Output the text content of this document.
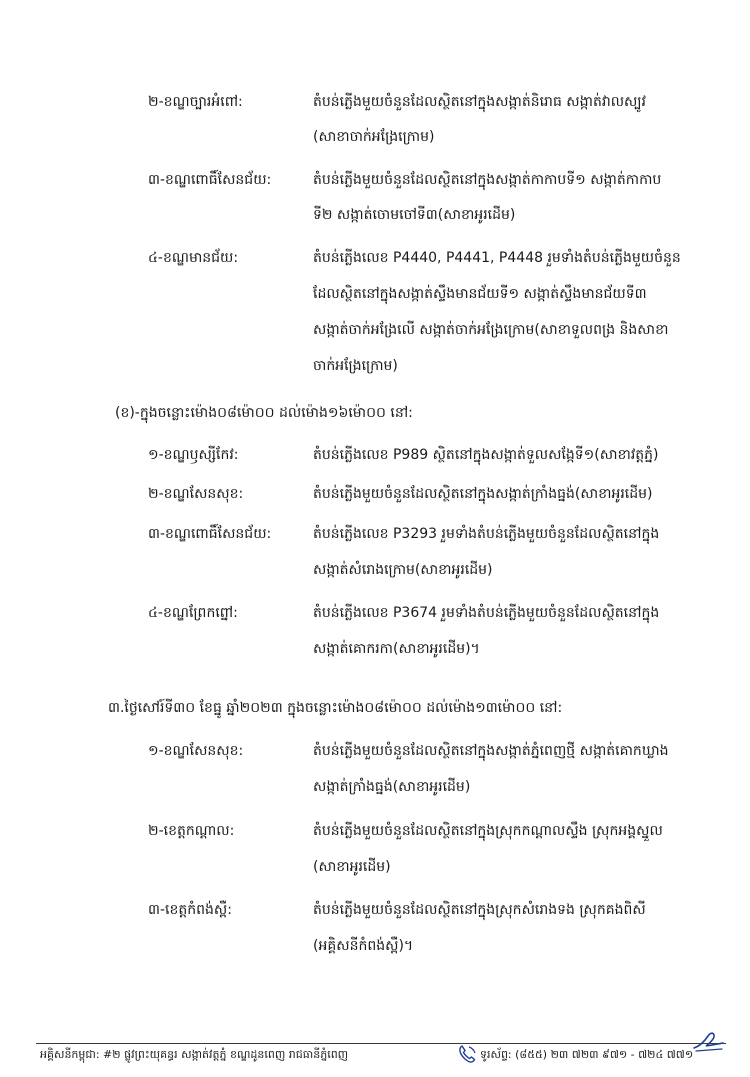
២-ខណ្ឌច្បារអំពៅ:	តំបន់ភ្លើងមួយចំនួនដែលស្ថិតនៅក្នុងសង្កាត់និរោធ សង្កាត់វាលស្បូវ
(សាខាចាក់អង្រែក្រោម)
៣-ខណ្ឌពោធិ៍សែនជ័យ:	តំបន់ភ្លើងមួយចំនួនដែលស្ថិតនៅក្នុងសង្កាត់កាកាបទី១ សង្កាត់កាកាប
ទី២ សង្កាត់ចោមចៅទី៣(សាខាអូរដើម)
៤-ខណ្ឌមានជ័យ:	តំបន់ភ្លើងលេខ P4440, P4441, P4448 រួមទាំងតំបន់ភ្លើងមួយចំនួន
ដែលស្ថិតនៅក្នុងសង្កាត់ស្ទឹងមានជ័យទី១ សង្កាត់ស្ទឹងមានជ័យទី៣
សង្កាត់ចាក់អង្រែលើ សង្កាត់ចាក់អង្រែក្រោម(សាខាទួលពង្រ និងសាខា
ចាក់អង្រែក្រោម)
(ខ)-ក្នុងចន្លោះម៉ោង០៨ម៉ោ០០ ដល់ម៉ោង១៦ម៉ោ០០ នៅ:
១-ខណ្ឌឫស្សីកែវ:	តំបន់ភ្លើងលេខ P989 ស្ថិតនៅក្នុងសង្កាត់ទួលសង្កែទី១(សាខាវត្តភ្នំ)
២-ខណ្ឌសែនសុខ:	តំបន់ភ្លើងមួយចំនួនដែលស្ថិតនៅក្នុងសង្កាត់ក្រាំងធ្នង់(សាខាអូរដើម)
៣-ខណ្ឌពោធិ៍សែនជ័យ:	តំបន់ភ្លើងលេខ P3293 រួមទាំងតំបន់ភ្លើងមួយចំនួនដែលស្ថិតនៅក្នុង
សង្កាត់សំរោងក្រោម(សាខាអូរដើម)
៤-ខណ្ឌព្រែកព្នៅ:	តំបន់ភ្លើងលេខ P3674 រួមទាំងតំបន់ភ្លើងមួយចំនួនដែលស្ថិតនៅក្នុង
សង្កាត់គោករកា(សាខាអូរដើម)។
៣.ថ្ងៃសៅរ៍ទី៣០ ខែធ្នូ ឆ្នាំ២០២៣ ក្នុងចន្លោះម៉ោង០៨ម៉ោ០០ ដល់ម៉ោង១៣ម៉ោ០០ នៅ:
១-ខណ្ឌសែនសុខ:	តំបន់ភ្លើងមួយចំនួនដែលស្ថិតនៅក្នុងសង្កាត់ភ្នំពេញថ្មី សង្កាត់គោកឃ្លាង
សង្កាត់ក្រាំងធ្នង់(សាខាអូរដើម)
២-ខេត្តកណ្ដាល:	តំបន់ភ្លើងមួយចំនួនដែលស្ថិតនៅក្នុងស្រុកកណ្ដាលស្ទឹង ស្រុកអង្គស្នួល
(សាខាអូរដើម)
៣-ខេត្តកំពង់ស្ពឺ:	តំបន់ភ្លើងមួយចំនួនដែលស្ថិតនៅក្នុងស្រុកសំរោងទង ស្រុកគងពិសី
(អគ្គិសនីកំពង់ស្ពឺ)។
អគ្គិសនីកម្ពុជា: #២ ផ្លូវព្រះយុគន្ធរ សង្កាត់វត្តភ្នំ ខណ្ឌដូនពេញ រាជធានីភ្នំពេញ	ទូរស័ព្ទ: (៨៥៥) ២៣ ៧២៣ ៩៧១ - ៧២៤ ៧៧១
